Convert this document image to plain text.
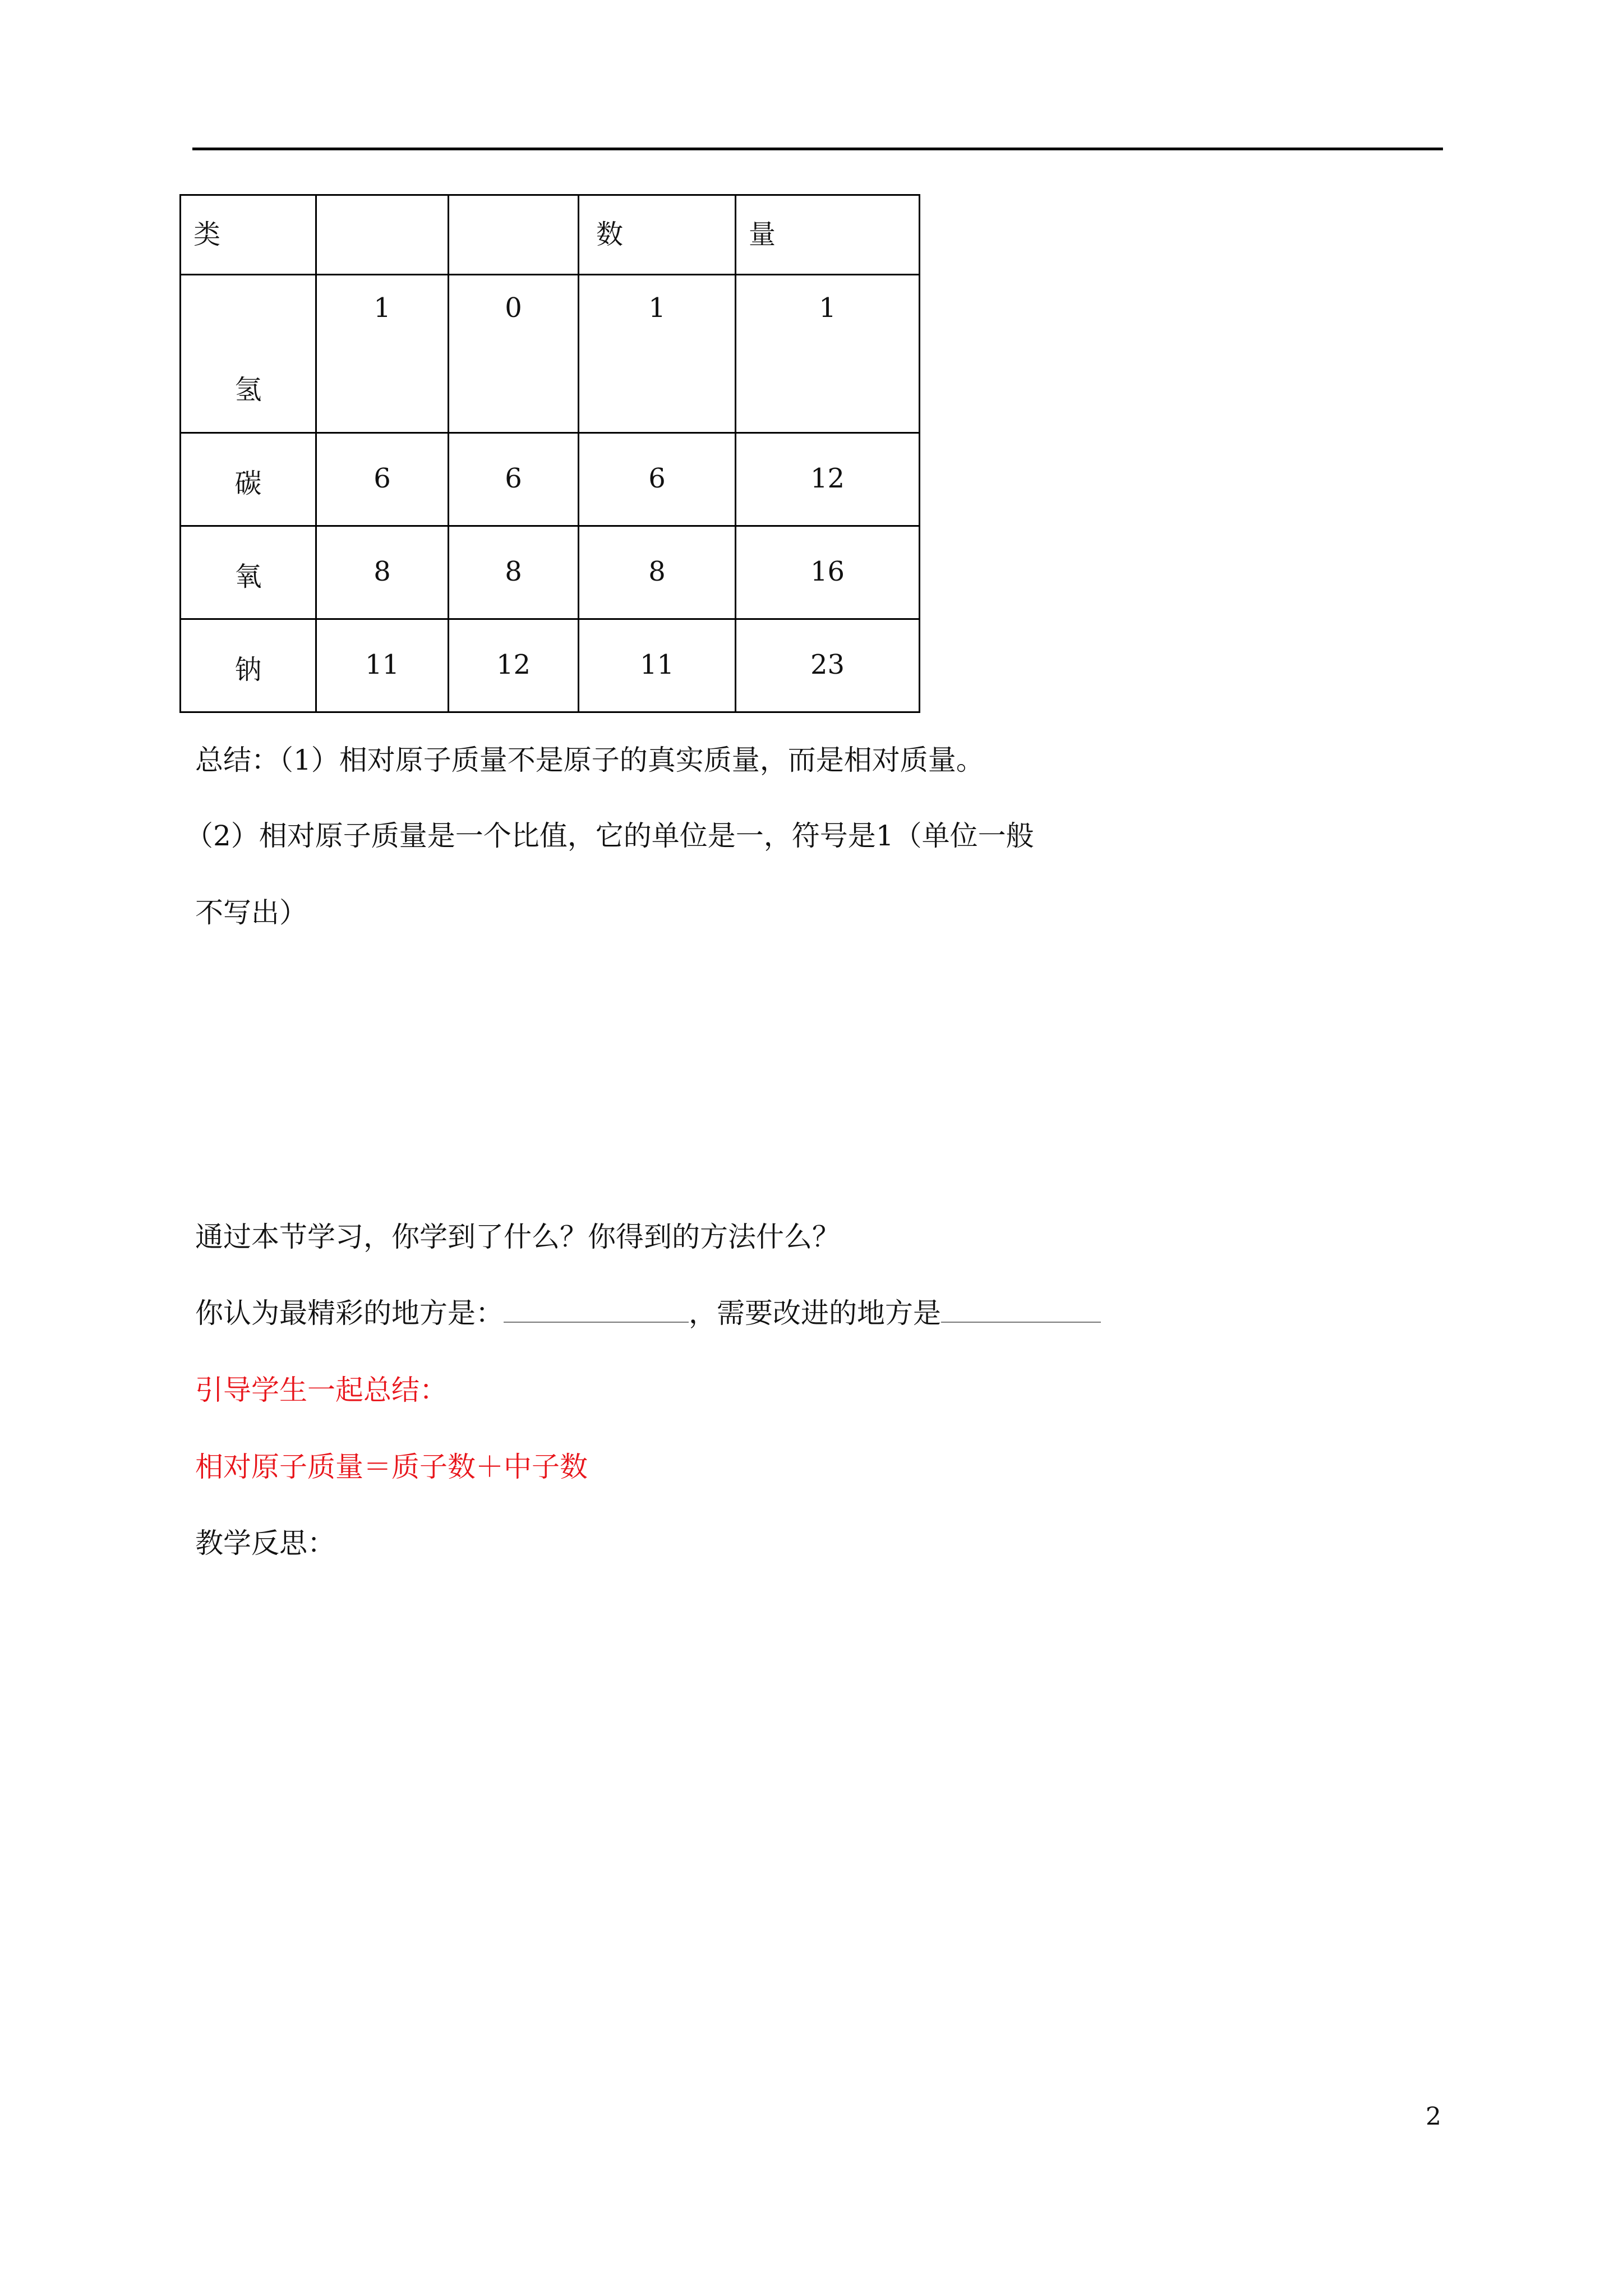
类			数	量

氢	1	0	1	1

碳	6	6	6	12

氧	8	8	8	16

钠	11	12	11	23
总结：（1）相对原子质量不是原子的真实质量，而是相对质量。
（2）相对原子质量是一个比值，它的单位是一，符号是1（单位一般
不写出）
通过本节学习，你学到了什么？你得到的方法什么？
你认为最精彩的地方是：	，需要改进的地方是
引导学生一起总结：
相对原子质量＝质子数＋中子数
教学反思：
2
